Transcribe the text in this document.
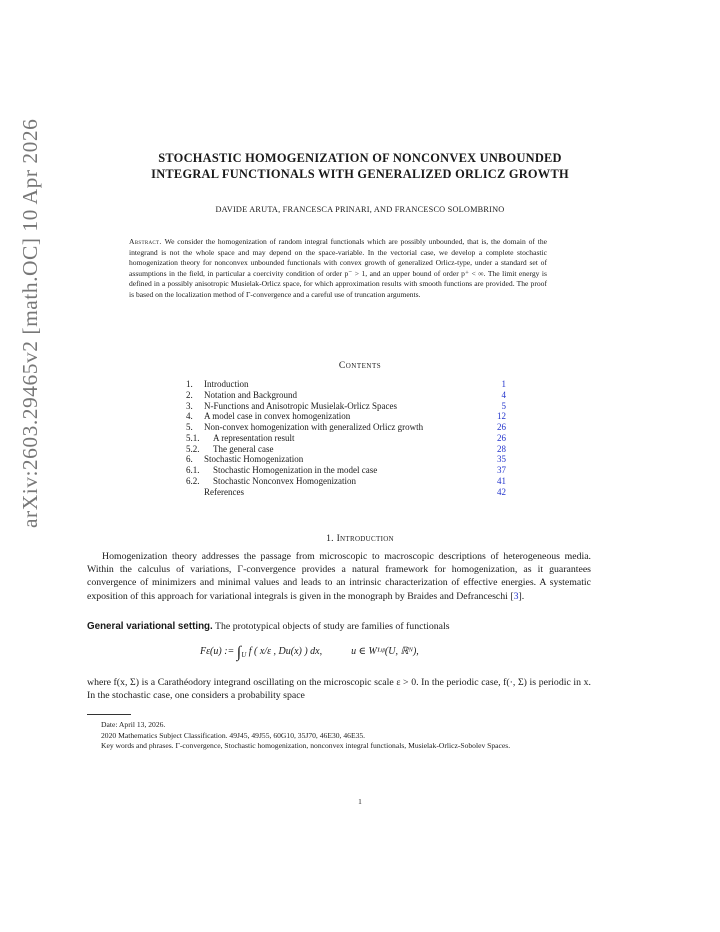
arXiv:2603.29465v2 [math.OC] 10 Apr 2026	STOCHASTIC HOMOGENIZATION OF NONCONVEX UNBOUNDED
INTEGRAL FUNCTIONALS WITH GENERALIZED ORLICZ GROWTH
DAVIDE ARUTA, FRANCESCA PRINARI, AND FRANCESCO SOLOMBRINO
Abstract. We consider the homogenization of random integral functionals which are possibly unbounded, that is, the domain of the integrand is not the whole space and may depend on the space-variable. In the vectorial case, we develop a complete stochastic homogenization theory for nonconvex unbounded functionals with convex growth of generalized Orlicz-type, under a standard set of assumptions in the field, in particular a coercivity condition of order p⁻ > 1, and an upper bound of order p⁺ < ∞. The limit energy is defined in a possibly anisotropic Musielak-Orlicz space, for which approximation results with smooth functions are provided. The proof is based on the localization method of Γ-convergence and a careful use of truncation arguments.
Contents
1. Introduction	1
2. Notation and Background	4
3. N-Functions and Anisotropic Musielak-Orlicz Spaces	5
4. A model case in convex homogenization	12
5. Non-convex homogenization with generalized Orlicz growth	26
5.1. A representation result	26
5.2. The general case	28
6. Stochastic Homogenization	35
6.1. Stochastic Homogenization in the model case	37
6.2. Stochastic Nonconvex Homogenization	41
References	42
1. Introduction
Homogenization theory addresses the passage from microscopic to macroscopic descriptions of heterogeneous media. Within the calculus of variations, Γ-convergence provides a natural framework for homogenization, as it guarantees convergence of minimizers and minimal values and leads to an intrinsic characterization of effective energies. A systematic exposition of this approach for variational integrals is given in the monograph by Braides and Defranceschi [3].
General variational setting. The prototypical objects of study are families of functionals
Fε(u) := $\int_U$ f ( x/ε , Du(x) ) dx,	u ∈ W¹ʴᵖ(U, ℝᴺ),
where f(x, Σ) is a Carathéodory integrand oscillating on the microscopic scale ε > 0. In the periodic case, f(·, Σ) is periodic in x. In the stochastic case, one considers a probability space
Date: April 13, 2026.
2020 Mathematics Subject Classification. 49J45, 49J55, 60G10, 35J70, 46E30, 46E35.
Key words and phrases. Γ-convergence, Stochastic homogenization, nonconvex integral functionals, Musielak-Orlicz-Sobolev Spaces.
1
